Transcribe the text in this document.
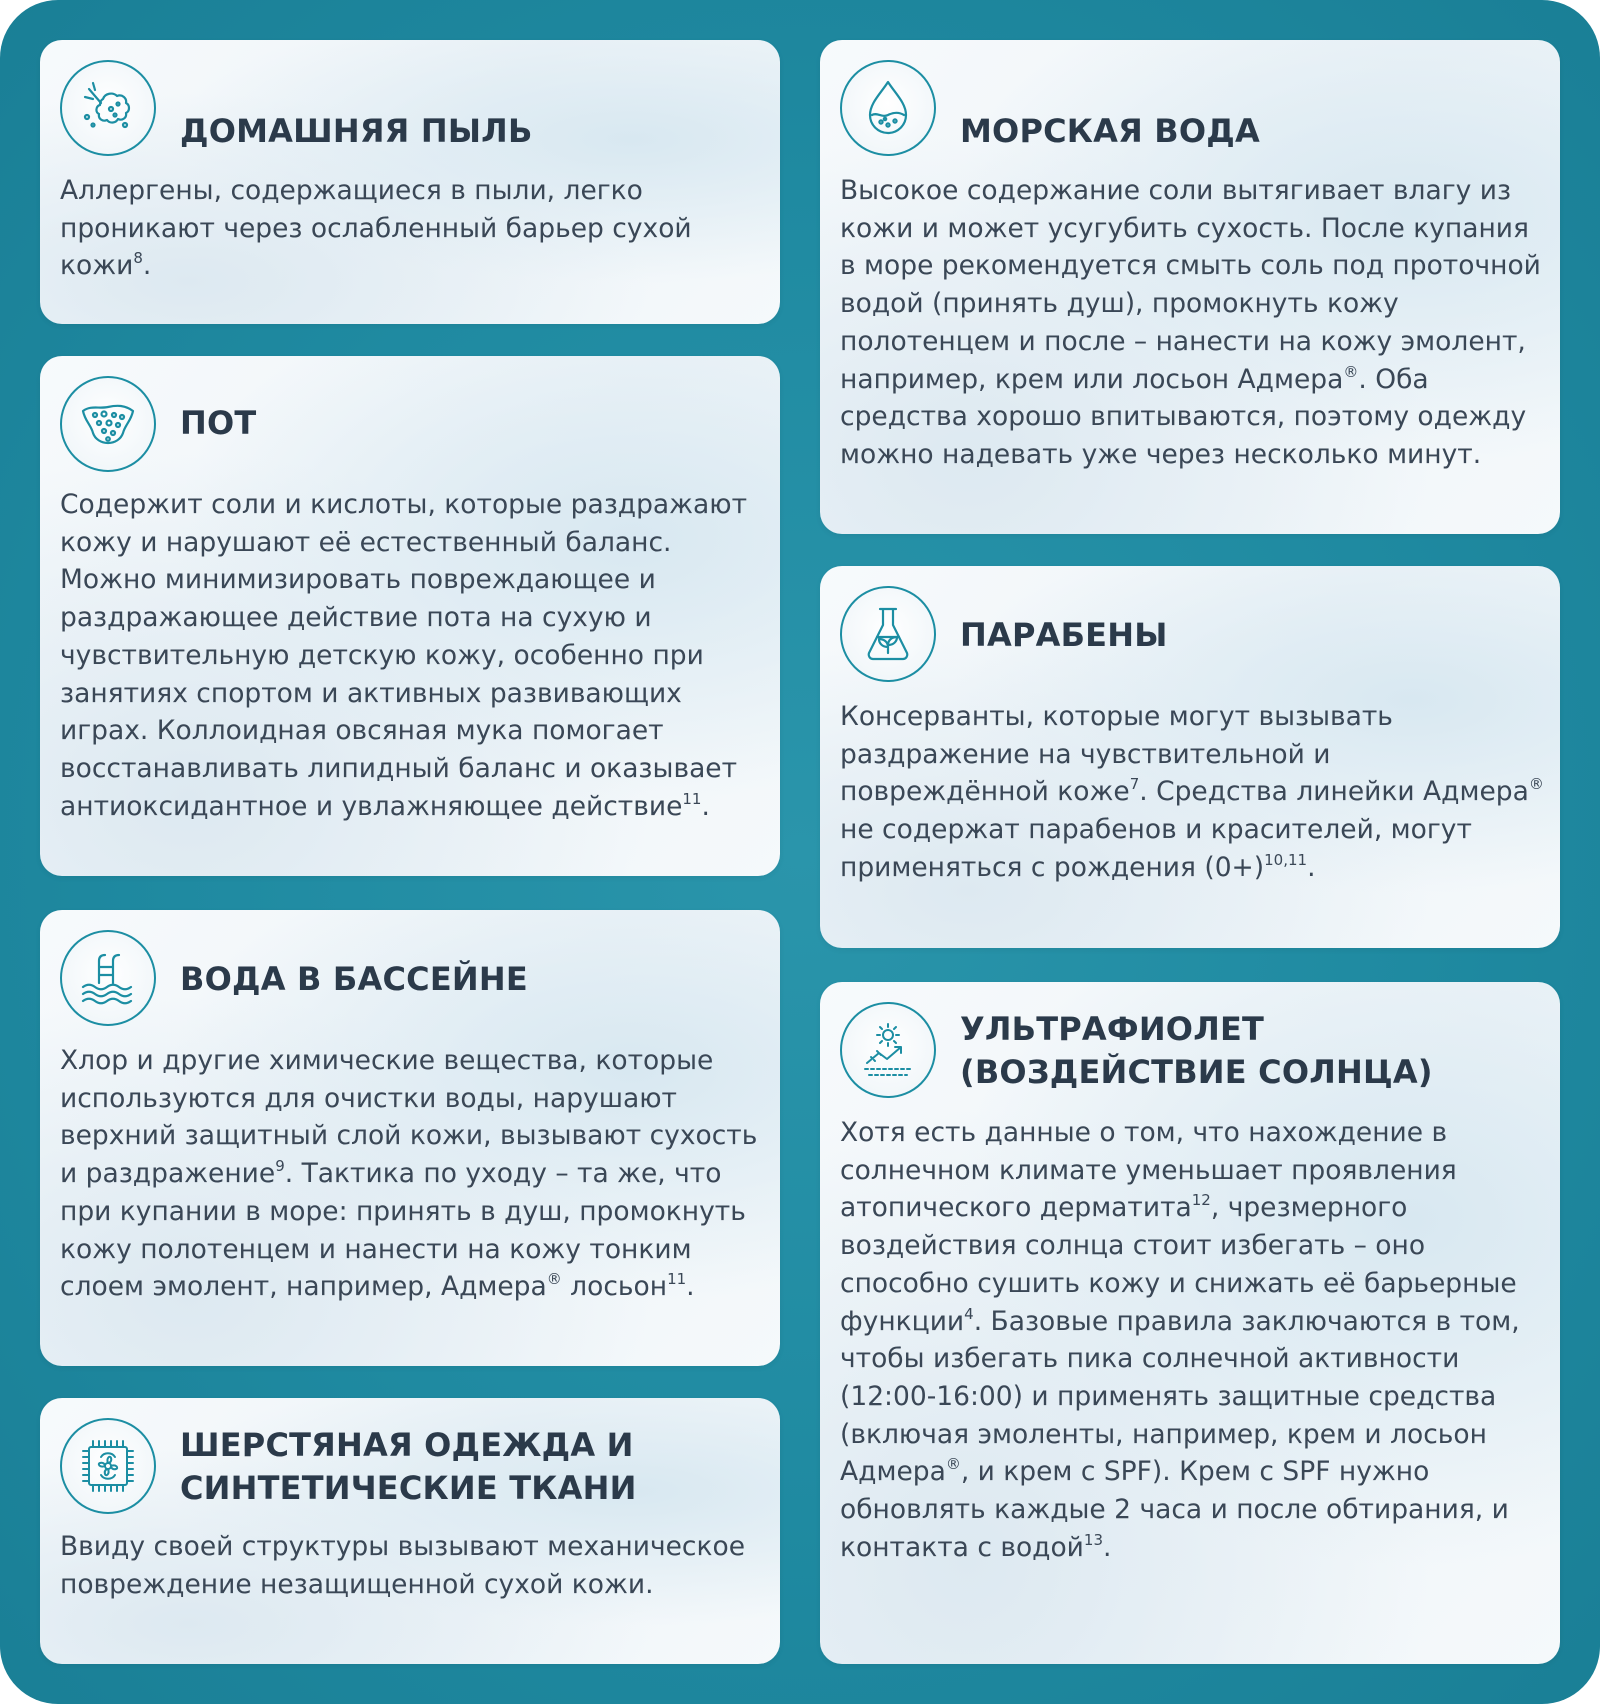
ДОМАШНЯЯ ПЫЛЬ

Аллергены, содержащиеся в пыли, легко проникают через ослабленный барьер сухой кожи$^8$.

ПОТ

Содержит соли и кислоты, которые раздражают кожу и нарушают её естественный баланс. Можно минимизировать повреждающее и раздражающее действие пота на сухую и чувствительную детскую кожу, особенно при занятиях спортом и активных развивающих играх. Коллоидная овсяная мука помогает восстанавливать липидный баланс и оказывает антиоксидантное и увлажняющее действие$^{11}$.

ВОДА В БАССЕЙНЕ

Хлор и другие химические вещества, которые используются для очистки воды, нарушают верхний защитный слой кожи, вызывают сухость и раздражение$^9$. Тактика по уходу – та же, что при купании в море: принять в душ, промокнуть кожу полотенцем и нанести на кожу тонким слоем эмолент, например, Адмера® лосьон$^{11}$.

ШЕРСТЯНАЯ ОДЕЖДА И
СИНТЕТИЧЕСКИЕ ТКАНИ

Ввиду своей структуры вызывают механическое повреждение незащищенной сухой кожи.

МОРСКАЯ ВОДА

Высокое содержание соли вытягивает влагу из кожи и может усугубить сухость. После купания в море рекомендуется смыть соль под проточной водой (принять душ), промокнуть кожу полотенцем и после – нанести на кожу эмолент, например, крем или лосьон Адмера®. Оба средства хорошо впитываются, поэтому одежду можно надевать уже через несколько минут.

ПАРАБЕНЫ

Консерванты, которые могут вызывать раздражение на чувствительной и повреждённой коже$^7$. Средства линейки Адмера® не содержат парабенов и красителей, могут применяться с рождения $(0+)^{10,11}$.

УЛЬТРАФИОЛЕТ
(ВОЗДЕЙСТВИЕ СОЛНЦА)

Хотя есть данные о том, что нахождение в солнечном климате уменьшает проявления атопического дерматита$^{12}$, чрезмерного воздействия солнца стоит избегать – оно способно сушить кожу и снижать её барьерные функции$^4$. Базовые правила заключаются в том, чтобы избегать пика солнечной активности (12:00-16:00) и применять защитные средства (включая эмоленты, например, крем и лосьон Адмера®, и крем с SPF). Крем с SPF нужно обновлять каждые 2 часа и после обтирания, и контакта с водой$^{13}$.
